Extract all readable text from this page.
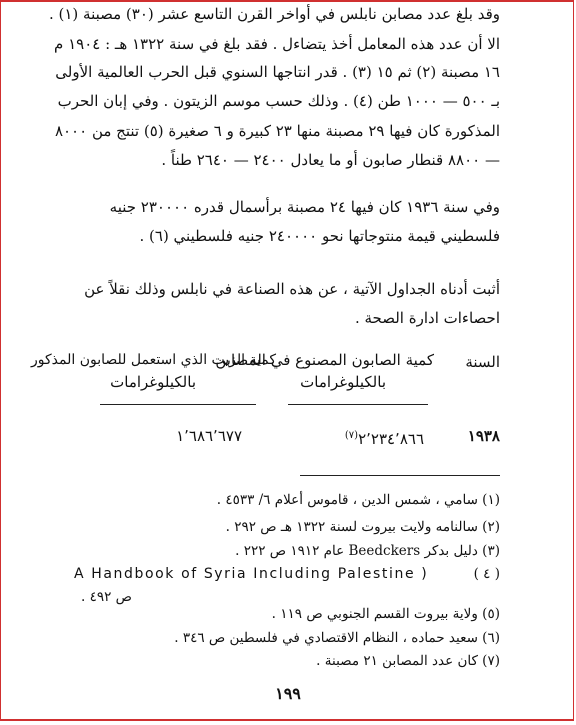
وقد بلغ عدد مصابن نابلس في أواخر القرن التاسع عشر (٣٠) مصبنة (١) .
الا أن عدد هذه المعامل أخذ يتضاءل . فقد بلغ في سنة ١٣٢٢ هـ : ١٩٠٤ م
١٦ مصبنة (٢) ثم ١٥ (٣) . قدر انتاجها السنوي قبل الحرب العالمية الأولى
بـ ٥٠٠ — ١٠٠٠ طن (٤) . وذلك حسب موسم الزيتون . وفي إبان الحرب
المذكورة كان فيها ٢٩ مصبنة منها ٢٣ كبيرة و ٦ صغيرة (٥) تنتج من ٨٠٠٠
— ٨٨٠٠ قنطار صابون أو ما يعادل ٢٤٠٠ — ٢٦٤٠ طناً .
وفي سنة ١٩٣٦ كان فيها ٢٤ مصبنة برأسمال قدره ٢٣٠٠٠٠ جنيه
فلسطيني قيمة منتوجاتها نحو ٢٤٠٠٠٠ جنيه فلسطيني (٦) .
أثبت أدناه الجداول الآتية ، عن هذه الصناعة في نابلس وذلك نقلاً عن
احصاءات ادارة الصحة .
السنة
كمية الصابون المصنوع في المصابن
بالكيلوغرامات
كمية الزيت الذي استعمل للصابون المذكور
بالكيلوغرامات
١٩٣٨
٢٬٢٣٤٬٨٦٦$^{(٧)}$
١٬٦٨٦٬٦٧٧
(١) سامي ، شمس الدين ، قاموس أعلام ٦/ ٤٥٣٣ .
(٢) سالنامه ولايت بيروت لسنة ١٣٢٢ هـ ص ٢٩٢ .
(٣) دليل بدكر Beedckers عام ١٩١٢ ص ٢٢٢ .
( ٤ )
A Handbook of Syria Including Palestine )
ص ٤٩٢ .
(٥) ولاية بيروت القسم الجنوبي ص ١١٩ .
(٦) سعيد حماده ، النظام الاقتصادي في فلسطين ص ٣٤٦ .
(٧) كان عدد المصابن ٢١ مصبنة .
١٩٩
